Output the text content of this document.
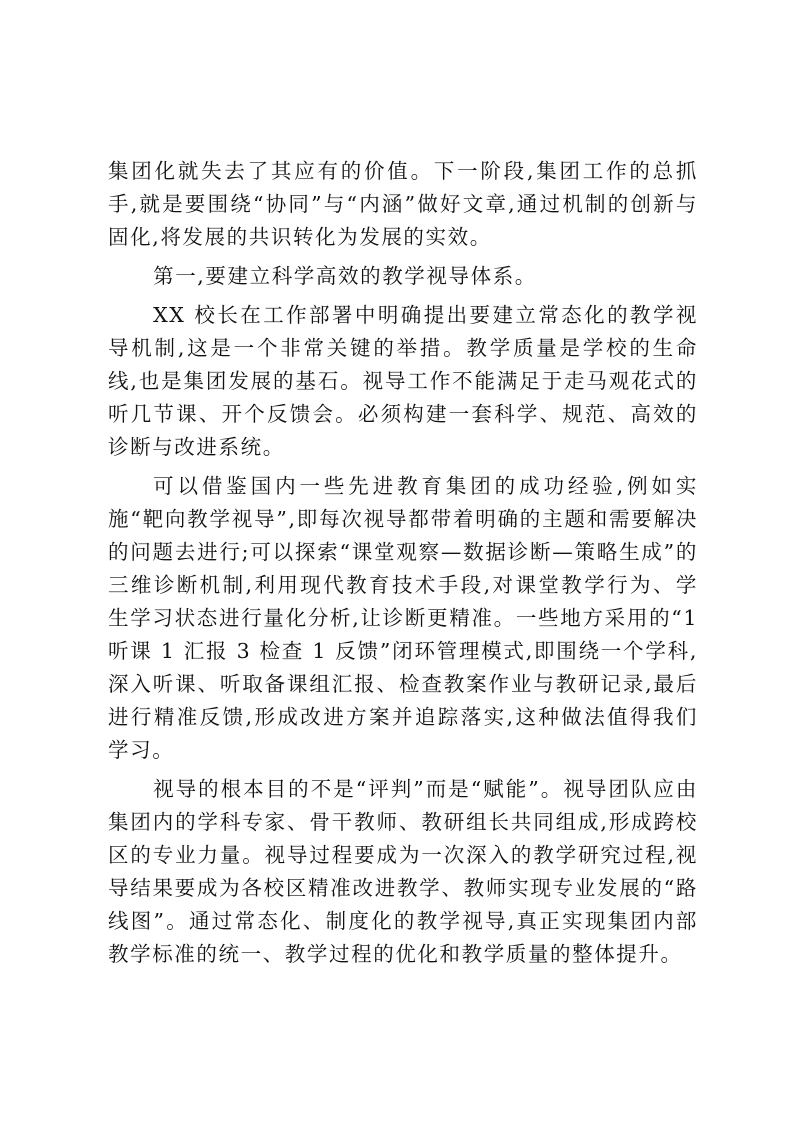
集团化就失去了其应有的价值。下一阶段,集团工作的总抓手,就是要围绕“协同”与“内涵”做好文章,通过机制的创新与固化,将发展的共识转化为发展的实效。

第一,要建立科学高效的教学视导体系。

XX 校长在工作部署中明确提出要建立常态化的教学视导机制,这是一个非常关键的举措。教学质量是学校的生命线,也是集团发展的基石。视导工作不能满足于走马观花式的听几节课、开个反馈会。必须构建一套科学、规范、高效的诊断与改进系统。

可以借鉴国内一些先进教育集团的成功经验,例如实施“靶向教学视导”,即每次视导都带着明确的主题和需要解决的问题去进行;可以探索“课堂观察—数据诊断—策略生成”的三维诊断机制,利用现代教育技术手段,对课堂教学行为、学生学习状态进行量化分析,让诊断更精准。一些地方采用的“1 听课 1 汇报 3 检查 1 反馈”闭环管理模式,即围绕一个学科,深入听课、听取备课组汇报、检查教案作业与教研记录,最后进行精准反馈,形成改进方案并追踪落实,这种做法值得我们学习。

视导的根本目的不是“评判”而是“赋能”。视导团队应由集团内的学科专家、骨干教师、教研组长共同组成,形成跨校区的专业力量。视导过程要成为一次深入的教学研究过程,视导结果要成为各校区精准改进教学、教师实现专业发展的“路线图”。通过常态化、制度化的教学视导,真正实现集团内部教学标准的统一、教学过程的优化和教学质量的整体提升。
